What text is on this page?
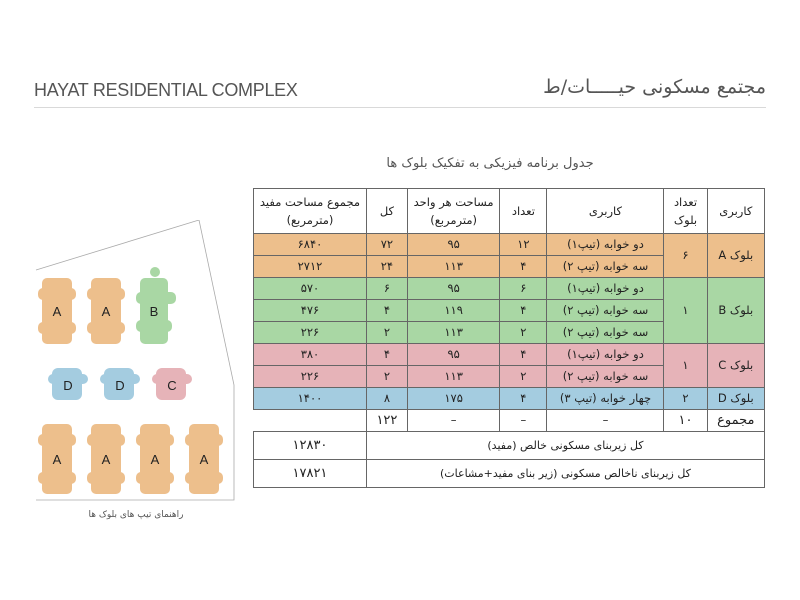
HAYAT RESIDENTIAL COMPLEX	مجتمع مسکونی حیـــــات/ط
جدول برنامه فیزیکی به تفکیک بلوک ها
کاربری	تعداد بلوک	کاربری	تعداد	مساحت هر واحد (مترمربع)	کل	مجموع مساحت مفید (مترمربع)
بلوک A	۶	دو خوابه (تیپ۱)	۱۲	۹۵	۷۲	۶۸۴۰
		سه خوابه (تیپ ۲)	۴	۱۱۳	۲۴	۲۷۱۲
بلوک B	۱	دو خوابه (تیپ۱)	۶	۹۵	۶	۵۷۰
		سه خوابه (تیپ ۲)	۴	۱۱۹	۴	۴۷۶
		سه خوابه (تیپ ۲)	۲	۱۱۳	۲	۲۲۶
بلوک C	۱	دو خوابه (تیپ۱)	۴	۹۵	۴	۳۸۰
		سه خوابه (تیپ ۲)	۲	۱۱۳	۲	۲۲۶
بلوک D	۲	چهار خوابه (تیپ ۳)	۴	۱۷۵	۸	۱۴۰۰
مجموع	۱۰	–	–	–	۱۲۲	
کل زیربنای مسکونی خالص (مفید)						۱۲۸۳۰
کل زیربنای ناخالص مسکونی (زیر بنای مفید+مشاعات)						۱۷۸۲۱
A	A	B
D	D	C
A	A	A	A
راهنمای تیپ های بلوک ها
